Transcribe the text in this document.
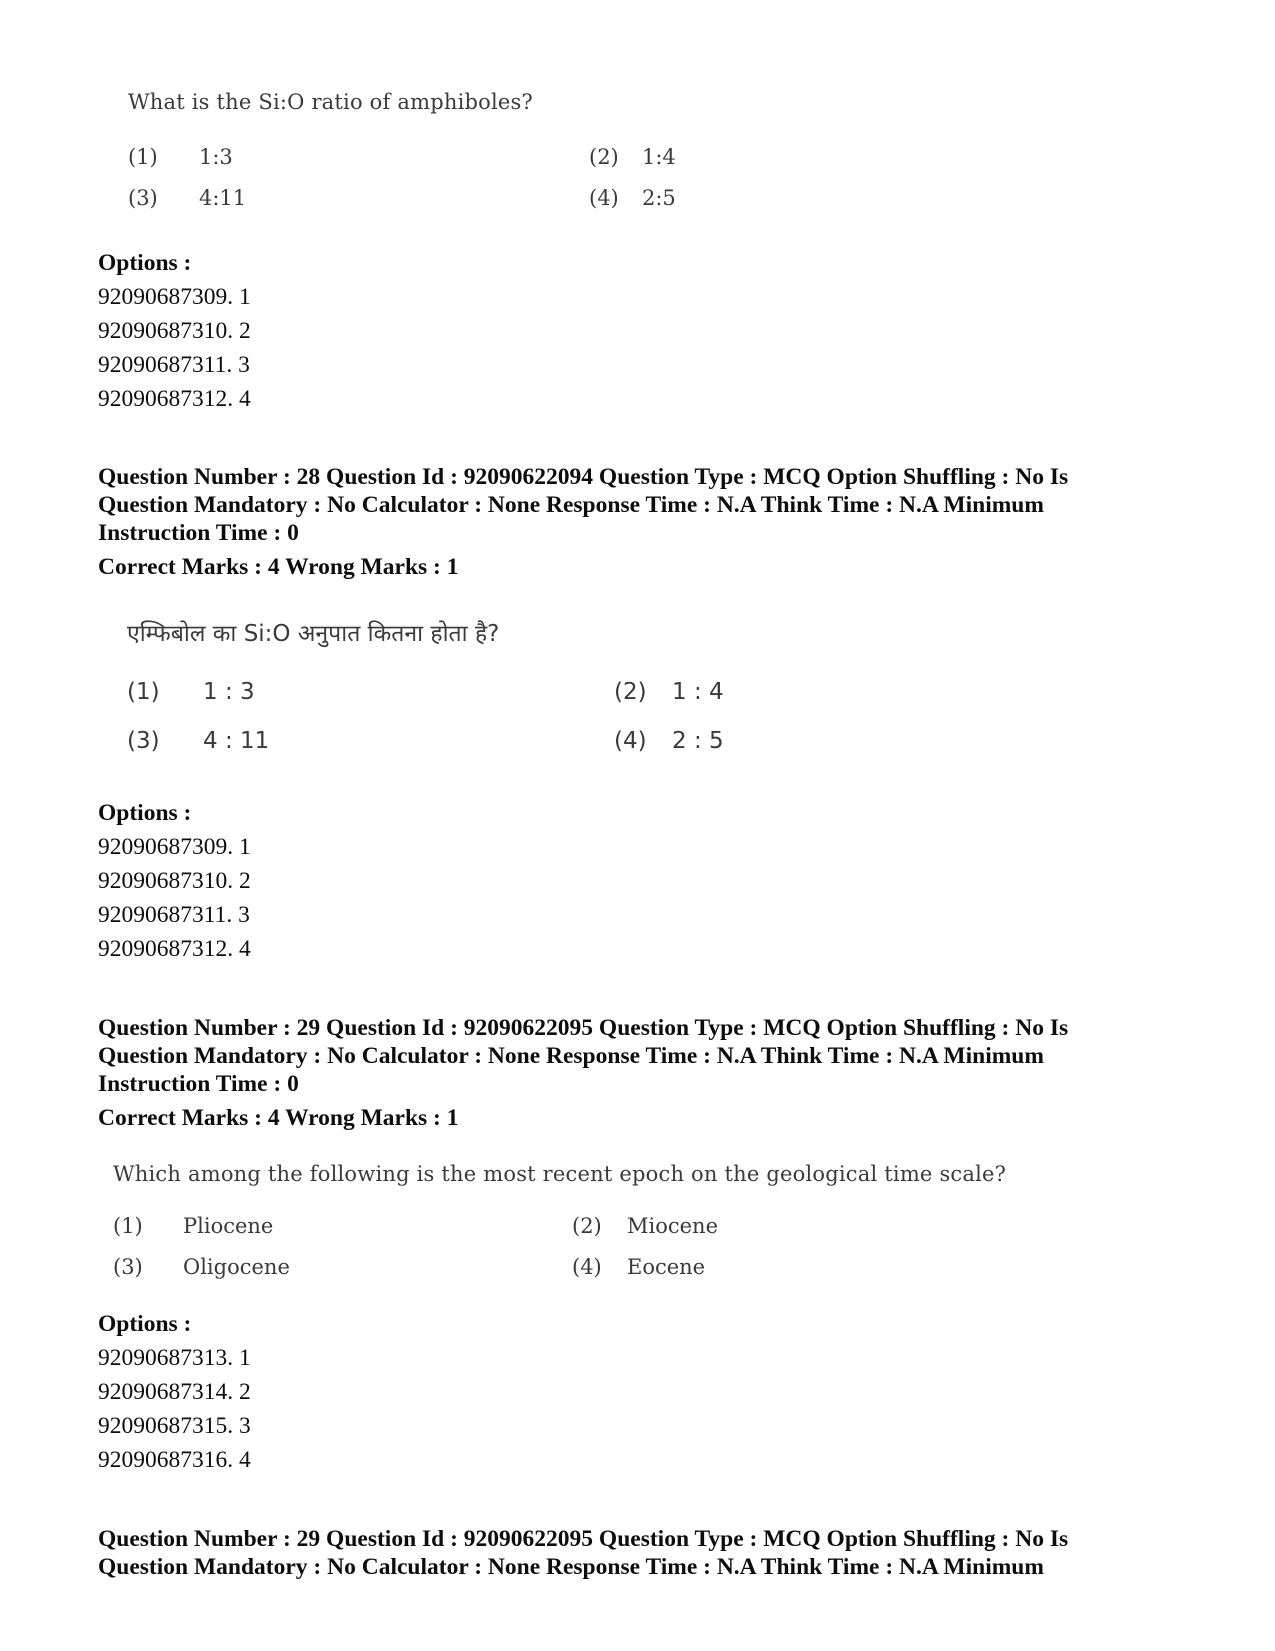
What is the Si:O ratio of amphiboles?
(1) 1:3	(2) 1:4
(3) 4:11	(4) 2:5
Options :
92090687309. 1
92090687310. 2
92090687311. 3
92090687312. 4
Question Number : 28 Question Id : 92090622094 Question Type : MCQ Option Shuffling : No Is
Question Mandatory : No Calculator : None Response Time : N.A Think Time : N.A Minimum
Instruction Time : 0
Correct Marks : 4 Wrong Marks : 1
एम्फिबोल का Si:O अनुपात कितना होता है?
(1) 1 : 3	(2) 1 : 4
(3) 4 : 11	(4) 2 : 5
Options :
92090687309. 1
92090687310. 2
92090687311. 3
92090687312. 4
Question Number : 29 Question Id : 92090622095 Question Type : MCQ Option Shuffling : No Is
Question Mandatory : No Calculator : None Response Time : N.A Think Time : N.A Minimum
Instruction Time : 0
Correct Marks : 4 Wrong Marks : 1
Which among the following is the most recent epoch on the geological time scale?
(1) Pliocene	(2) Miocene
(3) Oligocene	(4) Eocene
Options :
92090687313. 1
92090687314. 2
92090687315. 3
92090687316. 4
Question Number : 29 Question Id : 92090622095 Question Type : MCQ Option Shuffling : No Is
Question Mandatory : No Calculator : None Response Time : N.A Think Time : N.A Minimum
